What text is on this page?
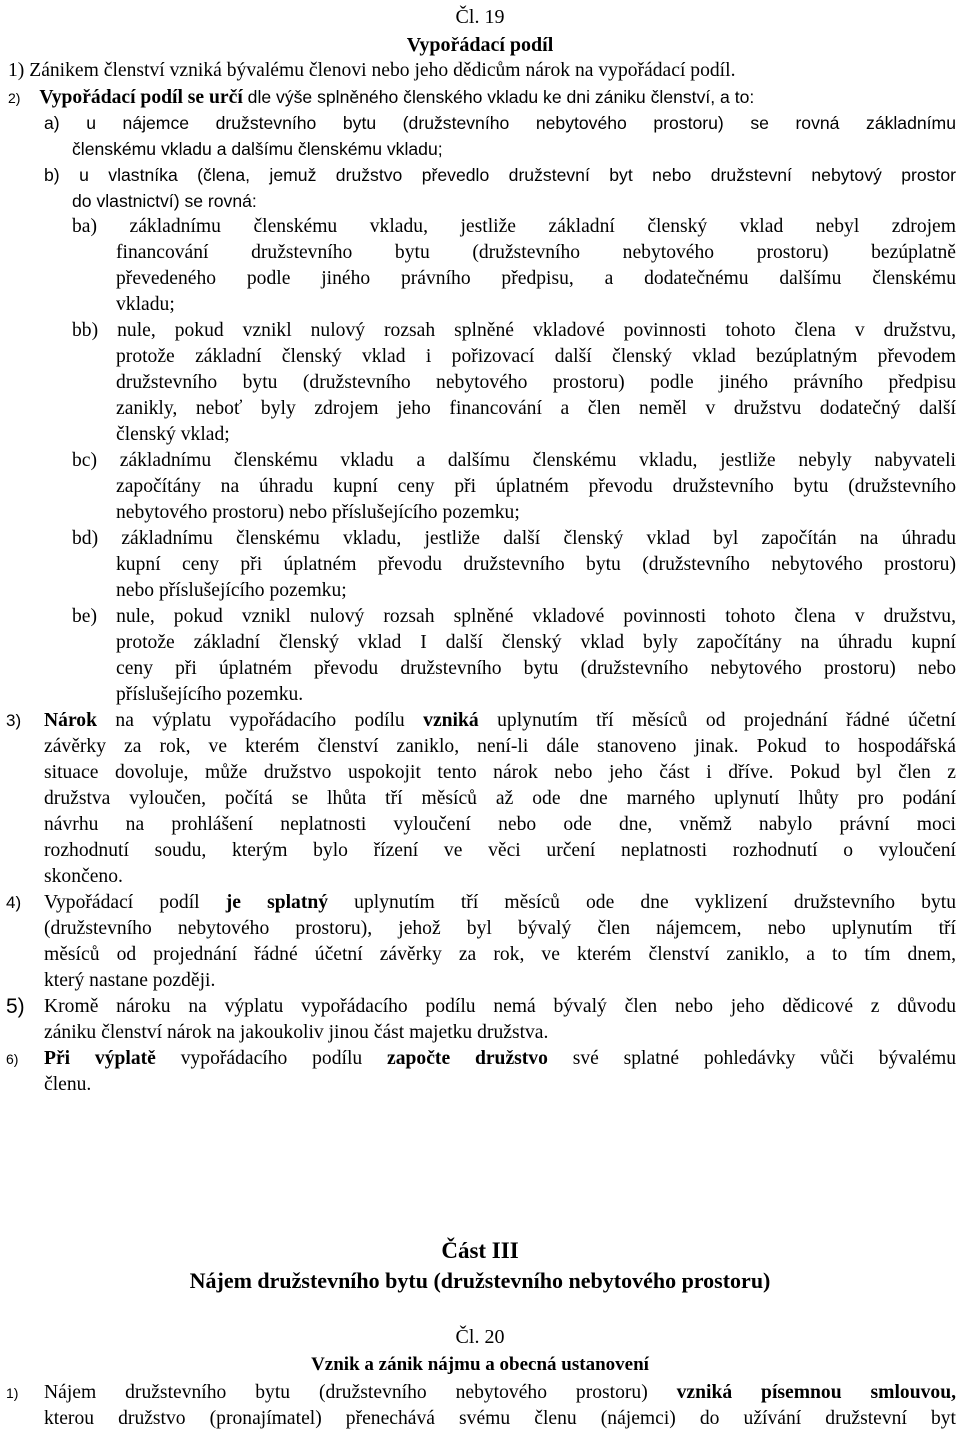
Čl. 19
Vypořádací podíl
1) Zánikem členství vzniká bývalému členovi nebo jeho dědicům nárok na vypořádací podíl.
2) Vypořádací podíl se určí dle výše splněného členského vkladu ke dni zániku členství, a to:
a) u nájemce družstevního bytu (družstevního nebytového prostoru) se rovná základnímu
členskému vkladu a dalšímu členskému vkladu;
b) u vlastníka (člena, jemuž družstvo převedlo družstevní byt nebo družstevní nebytový prostor
do vlastnictví) se rovná:
ba) základnímu členskému vkladu, jestliže základní členský vklad nebyl zdrojem
financování družstevního bytu (družstevního nebytového prostoru) bezúplatně
převedeného podle jiného právního předpisu, a dodatečnému dalšímu členskému
vkladu;
bb) nule, pokud vznikl nulový rozsah splněné vkladové povinnosti tohoto člena v družstvu,
protože základní členský vklad i pořizovací další členský vklad bezúplatným převodem
družstevního bytu (družstevního nebytového prostoru) podle jiného právního předpisu
zanikly, neboť byly zdrojem jeho financování a člen neměl v družstvu dodatečný další
členský vklad;
bc) základnímu členskému vkladu a dalšímu členskému vkladu, jestliže nebyly nabyvateli
započítány na úhradu kupní ceny při úplatném převodu družstevního bytu (družstevního
nebytového prostoru) nebo příslušejícího pozemku;
bd) základnímu členskému vkladu, jestliže další členský vklad byl započítán na úhradu
kupní ceny při úplatném převodu družstevního bytu (družstevního nebytového prostoru)
nebo příslušejícího pozemku;
be) nule, pokud vznikl nulový rozsah splněné vkladové povinnosti tohoto člena v družstvu,
protože základní členský vklad I další členský vklad byly započítány na úhradu kupní
ceny při úplatném převodu družstevního bytu (družstevního nebytového prostoru) nebo
příslušejícího pozemku.
3) Nárok na výplatu vypořádacího podílu vzniká uplynutím tří měsíců od projednání řádné účetní
závěrky za rok, ve kterém členství zaniklo, není-li dále stanoveno jinak. Pokud to hospodářská
situace dovoluje, může družstvo uspokojit tento nárok nebo jeho část i dříve. Pokud byl člen z
družstva vyloučen, počítá se lhůta tří měsíců až ode dne marného uplynutí lhůty pro podání
návrhu na prohlášení neplatnosti vyloučení nebo ode dne, vněmž nabylo právní moci
rozhodnutí soudu, kterým bylo řízení ve věci určení neplatnosti rozhodnutí o vyloučení
skončeno.
4) Vypořádací podíl je splatný uplynutím tří měsíců ode dne vyklizení družstevního bytu
(družstevního nebytového prostoru), jehož byl bývalý člen nájemcem, nebo uplynutím tří
měsíců od projednání řádné účetní závěrky za rok, ve kterém členství zaniklo, a to tím dnem,
který nastane později.
5) Kromě nároku na výplatu vypořádacího podílu nemá bývalý člen nebo jeho dědicové z důvodu
zániku členství nárok na jakoukoliv jinou část majetku družstva.
6) Při výplatě vypořádacího podílu započte družstvo své splatné pohledávky vůči bývalému
členu.
Část III
Nájem družstevního bytu (družstevního nebytového prostoru)
Čl. 20
Vznik a zánik nájmu a obecná ustanovení
1) Nájem družstevního bytu (družstevního nebytového prostoru) vzniká písemnou smlouvou,
kterou družstvo (pronajímatel) přenechává svému členu (nájemci) do užívání družstevní byt
